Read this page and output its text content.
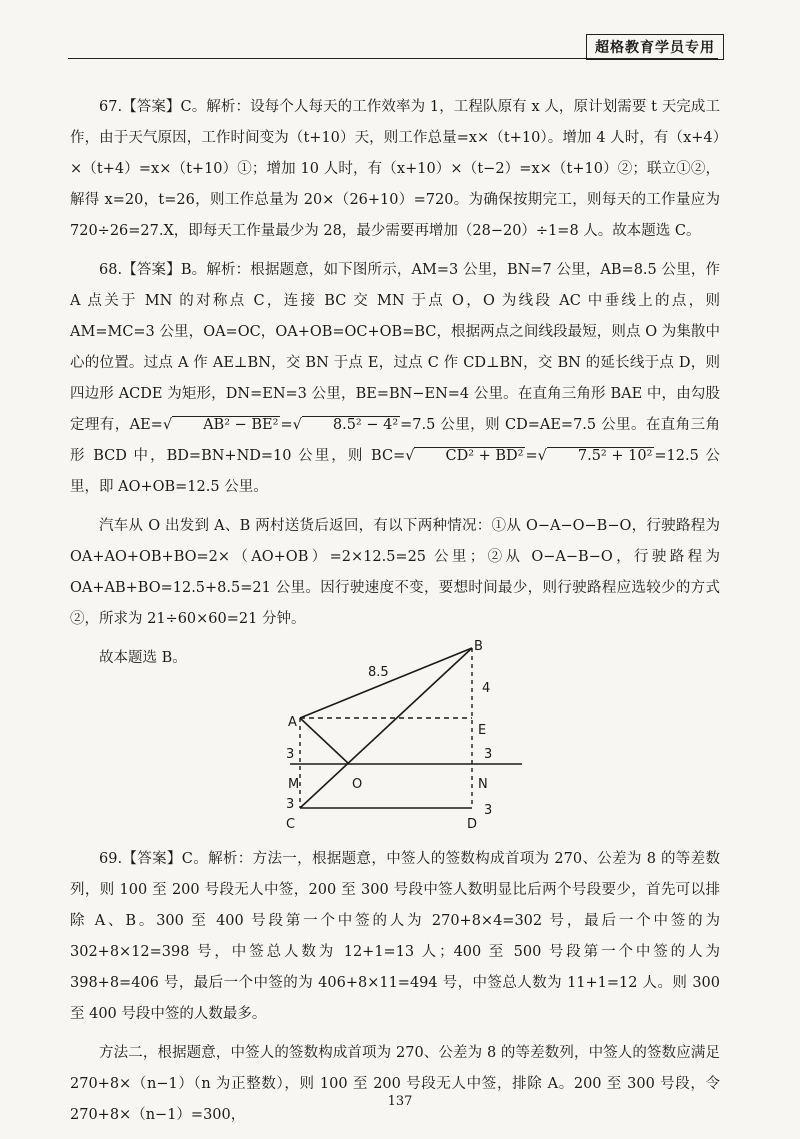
超格教育学员专用

67.【答案】C。解析：设每个人每天的工作效率为 1，工程队原有 x 人，原计划需要 t 天完成工作，由于天气原因，工作时间变为（t+10）天，则工作总量=x×（t+10）。增加 4 人时，有（x+4）×（t+4）=x×（t+10）①；增加 10 人时，有（x+10）×（t−2）=x×（t+10）②；联立①②，解得 x=20，t=26，则工作总量为 20×（26+10）=720。为确保按期完工，则每天的工作量应为 720÷26=27.X，即每天工作量最少为 28，最少需要再增加（28−20）÷1=8 人。故本题选 C。

68.【答案】B。解析：根据题意，如下图所示，AM=3 公里，BN=7 公里，AB=8.5 公里，作 A 点关于 MN 的对称点 C，连接 BC 交 MN 于点 O，O 为线段 AC 中垂线上的点，则 AM=MC=3 公里，OA=OC，OA+OB=OC+OB=BC，根据两点之间线段最短，则点 O 为集散中心的位置。过点 A 作 AE⊥BN，交 BN 于点 E，过点 C 作 CD⊥BN，交 BN 的延长线于点 D，则四边形 ACDE 为矩形，DN=EN=3 公里，BE=BN−EN=4 公里。在直角三角形 BAE 中，由勾股定理有，AE=√ AB² − BE² =√ 8.5² − 4² =7.5 公里，则 CD=AE=7.5 公里。在直角三角形 BCD 中，BD=BN+ND=10 公里，则 BC=√ CD² + BD² =√ 7.5² + 10² =12.5 公里，即 AO+OB=12.5 公里。

汽车从 O 出发到 A、B 两村送货后返回，有以下两种情况：①从 O−A−O−B−O，行驶路程为 OA+AO+OB+BO=2×（AO+OB）=2×12.5=25 公里；②从 O−A−B−O，行驶路程为 OA+AB+BO=12.5+8.5=21 公里。因行驶速度不变，要想时间最少，则行驶路程应选较少的方式②，所求为 21÷60×60=21 分钟。

故本题选 B。

B
A
E
M	O	N
C	D
8.5
4
3	3
3	3

69.【答案】C。解析：方法一，根据题意，中签人的签数构成首项为 270、公差为 8 的等差数列，则 100 至 200 号段无人中签，200 至 300 号段中签人数明显比后两个号段要少，首先可以排除 A、B。300 至 400 号段第一个中签的人为 270+8×4=302 号，最后一个中签的为 302+8×12=398 号，中签总人数为 12+1=13 人；400 至 500 号段第一个中签的人为 398+8=406 号，最后一个中签的为 406+8×11=494 号，中签总人数为 11+1=12 人。则 300 至 400 号段中签的人数最多。

方法二，根据题意，中签人的签数构成首项为 270、公差为 8 的等差数列，中签人的签数应满足 270+8×（n−1）（n 为正整数），则 100 至 200 号段无人中签，排除 A。200 至 300 号段，令 270+8×（n−1）=300，

137
